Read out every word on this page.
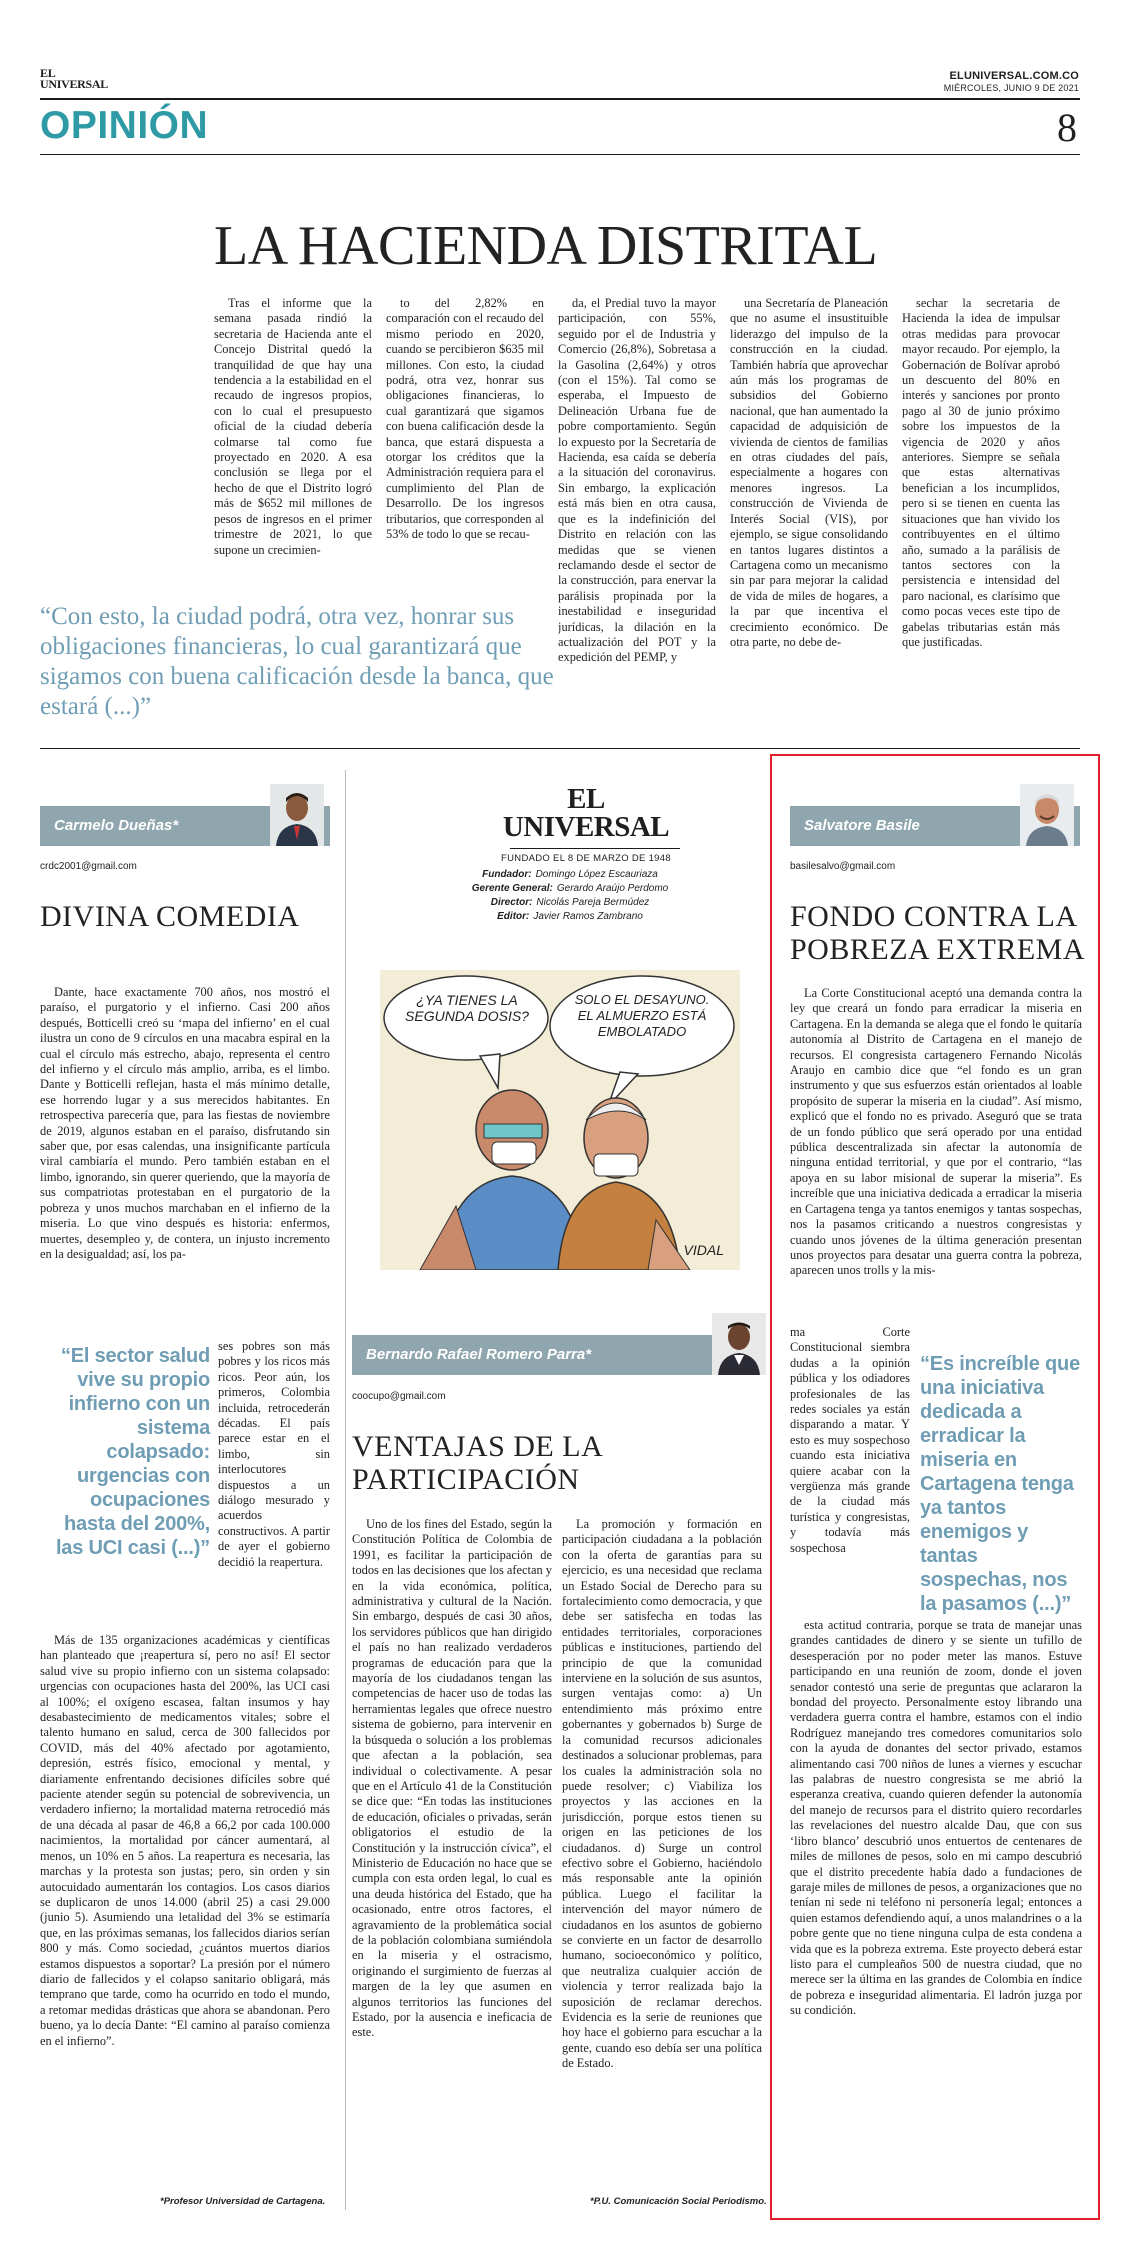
EL UNIVERSAL
ELUNIVERSAL.COM.CO
MIÉRCOLES, JUNIO 9 DE 2021
OPINIÓN	8
LA HACIENDA DISTRITAL

Tras el informe que la semana pasada rindió la secretaria de Hacienda ante el Concejo Distrital quedó la tranquilidad de que hay una tendencia a la estabilidad en el recaudo de ingresos propios, con lo cual el presupuesto oficial de la ciudad debería colmarse tal como fue proyectado en 2020. A esa conclusión se llega por el hecho de que el Distrito logró más de $652 mil millones de pesos de ingresos en el primer trimestre de 2021, lo que supone un crecimien-

to del 2,82% en comparación con el recaudo del mismo periodo en 2020, cuando se percibieron $635 mil millones. Con esto, la ciudad podrá, otra vez, honrar sus obligaciones financieras, lo cual garantizará que sigamos con buena calificación desde la banca, que estará dispuesta a otorgar los créditos que la Administración requiera para el cumplimiento del Plan de Desarrollo. De los ingresos tributarios, que corresponden al 53% de todo lo que se recau-

da, el Predial tuvo la mayor participación, con 55%, seguido por el de Industria y Comercio (26,8%), Sobretasa a la Gasolina (2,64%) y otros (con el 15%). Tal como se esperaba, el Impuesto de Delineación Urbana fue de pobre comportamiento. Según lo expuesto por la Secretaría de Hacienda, esa caída se debería a la situación del coronavirus. Sin embargo, la explicación está más bien en otra causa, que es la indefinición del Distrito en relación con las medidas que se vienen reclamando desde el sector de la construcción, para enervar la parálisis propinada por la inestabilidad e inseguridad jurídicas, la dilación en la actualización del POT y la expedición del PEMP, y

una Secretaría de Planeación que no asume el insustituible liderazgo del impulso de la construcción en la ciudad. También habría que aprovechar aún más los programas de subsidios del Gobierno nacional, que han aumentado la capacidad de adquisición de vivienda de cientos de familias en otras ciudades del país, especialmente a hogares con menores ingresos. La construcción de Vivienda de Interés Social (VIS), por ejemplo, se sigue consolidando en tantos lugares distintos a Cartagena como un mecanismo sin par para mejorar la calidad de vida de miles de hogares, a la par que incentiva el crecimiento económico. De otra parte, no debe de-

sechar la secretaria de Hacienda la idea de impulsar otras medidas para provocar mayor recaudo. Por ejemplo, la Gobernación de Bolívar aprobó un descuento del 80% en interés y sanciones por pronto pago al 30 de junio próximo sobre los impuestos de la vigencia de 2020 y años anteriores. Siempre se señala que estas alternativas benefician a los incumplidos, pero si se tienen en cuenta las situaciones que han vivido los contribuyentes en el último año, sumado a la parálisis de tantos sectores con la persistencia e intensidad del paro nacional, es clarísimo que como pocas veces este tipo de gabelas tributarias están más que justificadas.

“Con esto, la ciudad podrá, otra vez, honrar sus obligaciones financieras, lo cual garantizará que sigamos con buena calificación desde la banca, que estará (...)”
Carmelo Dueñas*
crdc2001@gmail.com
DIVINA COMEDIA

Dante, hace exactamente 700 años, nos mostró el paraíso, el purgatorio y el infierno. Casi 200 años después, Botticelli creó su ‘mapa del infierno’ en el cual ilustra un cono de 9 círculos en una macabra espiral en la cual el círculo más estrecho, abajo, representa el centro del infierno y el círculo más amplio, arriba, es el limbo. Dante y Botticelli reflejan, hasta el más mínimo detalle, ese horrendo lugar y a sus merecidos habitantes. En retrospectiva parecería que, para las fiestas de noviembre de 2019, algunos estaban en el paraíso, disfrutando sin saber que, por esas calendas, una insignificante partícula viral cambiaría el mundo. Pero también estaban en el limbo, ignorando, sin querer queriendo, que la mayoría de sus compatriotas protestaban en el purgatorio de la pobreza y unos muchos marchaban en el infierno de la miseria. Lo que vino después es historia: enfermos, muertes, desempleo y, de contera, un injusto incremento en la desigualdad; así, los pa-

“El sector salud vive su propio infierno con un sistema colapsado: urgencias con ocupaciones hasta del 200%, las UCI casi (...)”

ses pobres son más pobres y los ricos más ricos. Peor aún, los primeros, Colombia incluida, retrocederán décadas. El país parece estar en el limbo, sin interlocutores dispuestos a un diálogo mesurado y acuerdos constructivos. A partir de ayer el gobierno decidió la reapertura.

Más de 135 organizaciones académicas y científicas han planteado que ¡reapertura sí, pero no así! El sector salud vive su propio infierno con un sistema colapsado: urgencias con ocupaciones hasta del 200%, las UCI casi al 100%; el oxígeno escasea, faltan insumos y hay desabastecimiento de medicamentos vitales; sobre el talento humano en salud, cerca de 300 fallecidos por COVID, más del 40% afectado por agotamiento, depresión, estrés físico, emocional y mental, y diariamente enfrentando decisiones difíciles sobre qué paciente atender según su potencial de sobrevivencia, un verdadero infierno; la mortalidad materna retrocedió más de una década al pasar de 46,8 a 66,2 por cada 100.000 nacimientos, la mortalidad por cáncer aumentará, al menos, un 10% en 5 años. La reapertura es necesaria, las marchas y la protesta son justas; pero, sin orden y sin autocuidado aumentarán los contagios. Los casos diarios se duplicaron de unos 14.000 (abril 25) a casi 29.000 (junio 5). Asumiendo una letalidad del 3% se estimaría que, en las próximas semanas, los fallecidos diarios serían 800 y más. Como sociedad, ¿cuántos muertos diarios estamos dispuestos a soportar? La presión por el número diario de fallecidos y el colapso sanitario obligará, más temprano que tarde, como ha ocurrido en todo el mundo, a retomar medidas drásticas que ahora se abandonan. Pero bueno, ya lo decía Dante: “El camino al paraíso comienza en el infierno”.

*Profesor Universidad de Cartagena.
EL UNIVERSAL
FUNDADO EL 8 DE MARZO DE 1948
Fundador: Domingo López Escauriaza
Gerente General: Gerardo Araújo Perdomo
Director: Nicolás Pareja Bermúdez
Editor: Javier Ramos Zambrano
¿YA TIENES LA SEGUNDA DOSIS?
SOLO EL DESAYUNO. EL ALMUERZO ESTÁ EMBOLATADO
VIDAL
Bernardo Rafael Romero Parra*
coocupo@gmail.com
VENTAJAS DE LA PARTICIPACIÓN

Uno de los fines del Estado, según la Constitución Política de Colombia de 1991, es facilitar la participación de todos en las decisiones que los afectan y en la vida económica, política, administrativa y cultural de la Nación. Sin embargo, después de casi 30 años, los servidores públicos que han dirigido el país no han realizado verdaderos programas de educación para que la mayoría de los ciudadanos tengan las competencias de hacer uso de todas las herramientas legales que ofrece nuestro sistema de gobierno, para intervenir en la búsqueda o solución a los problemas que afectan a la población, sea individual o colectivamente. A pesar que en el Artículo 41 de la Constitución se dice que: “En todas las instituciones de educación, oficiales o privadas, serán obligatorios el estudio de la Constitución y la instrucción cívica”, el Ministerio de Educación no hace que se cumpla con esta orden legal, lo cual es una deuda histórica del Estado, que ha ocasionado, entre otros factores, el agravamiento de la problemática social de la población colombiana sumiéndola en la miseria y el ostracismo, originando el surgimiento de fuerzas al margen de la ley que asumen en algunos territorios las funciones del Estado, por la ausencia e ineficacia de este.

La promoción y formación en participación ciudadana a la población con la oferta de garantías para su ejercicio, es una necesidad que reclama un Estado Social de Derecho para su fortalecimiento como democracia, y que debe ser satisfecha en todas las entidades territoriales, corporaciones públicas e instituciones, partiendo del principio de que la comunidad interviene en la solución de sus asuntos, surgen ventajas como: a) Un entendimiento más próximo entre gobernantes y gobernados b) Surge de la comunidad recursos adicionales destinados a solucionar problemas, para los cuales la administración sola no puede resolver; c) Viabiliza los proyectos y las acciones en la jurisdicción, porque estos tienen su origen en las peticiones de los ciudadanos. d) Surge un control efectivo sobre el Gobierno, haciéndolo más responsable ante la opinión pública. Luego el facilitar la intervención del mayor número de ciudadanos en los asuntos de gobierno se convierte en un factor de desarrollo humano, socioeconómico y político, que neutraliza cualquier acción de violencia y terror realizada bajo la suposición de reclamar derechos. Evidencia es la serie de reuniones que hoy hace el gobierno para escuchar a la gente, cuando eso debía ser una política de Estado.

*P.U. Comunicación Social Periodismo.
Salvatore Basile
basilesalvo@gmail.com
FONDO CONTRA LA POBREZA EXTREMA

La Corte Constitucional aceptó una demanda contra la ley que creará un fondo para erradicar la miseria en Cartagena. En la demanda se alega que el fondo le quitaría autonomía al Distrito de Cartagena en el manejo de recursos. El congresista cartagenero Fernando Nicolás Araujo en cambio dice que “el fondo es un gran instrumento y que sus esfuerzos están orientados al loable propósito de superar la miseria en la ciudad”. Así mismo, explicó que el fondo no es privado. Aseguró que se trata de un fondo público que será operado por una entidad pública descentralizada sin afectar la autonomía de ninguna entidad territorial, y que por el contrario, “las apoya en su labor misional de superar la miseria”. Es increíble que una iniciativa dedicada a erradicar la miseria en Cartagena tenga ya tantos enemigos y tantas sospechas, nos la pasamos criticando a nuestros congresistas y cuando unos jóvenes de la última generación presentan unos proyectos para desatar una guerra contra la pobreza, aparecen unos trolls y la mis-

ma Corte Constitucional siembra dudas a la opinión pública y los odiadores profesionales de las redes sociales ya están disparando a matar. Y esto es muy sospechoso cuando esta iniciativa quiere acabar con la vergüenza más grande de la ciudad más turística y congresistas, y todavía más sospechosa

“Es increíble que una iniciativa dedicada a erradicar la miseria en Cartagena tenga ya tantos enemigos y tantas sospechas, nos la pasamos (...)”

esta actitud contraria, porque se trata de manejar unas grandes cantidades de dinero y se siente un tufillo de desesperación por no poder meter las manos. Estuve participando en una reunión de zoom, donde el joven senador contestó una serie de preguntas que aclararon la bondad del proyecto. Personalmente estoy librando una verdadera guerra contra el hambre, estamos con el indio Rodríguez manejando tres comedores comunitarios solo con la ayuda de donantes del sector privado, estamos alimentando casi 700 niños de lunes a viernes y escuchar las palabras de nuestro congresista se me abrió la esperanza creativa, cuando quieren defender la autonomía del manejo de recursos para el distrito quiero recordarles las revelaciones del nuestro alcalde Dau, que con sus ‘libro blanco’ descubrió unos entuertos de centenares de miles de millones de pesos, solo en mi campo descubrió que el distrito precedente había dado a fundaciones de garaje miles de millones de pesos, a organizaciones que no tenían ni sede ni teléfono ni personería legal; entonces a quien estamos defendiendo aquí, a unos malandrines o a la pobre gente que no tiene ninguna culpa de esta condena a vida que es la pobreza extrema. Este proyecto deberá estar listo para el cumpleaños 500 de nuestra ciudad, que no merece ser la última en las grandes de Colombia en índice de pobreza e inseguridad alimentaria. El ladrón juzga por su condición.
